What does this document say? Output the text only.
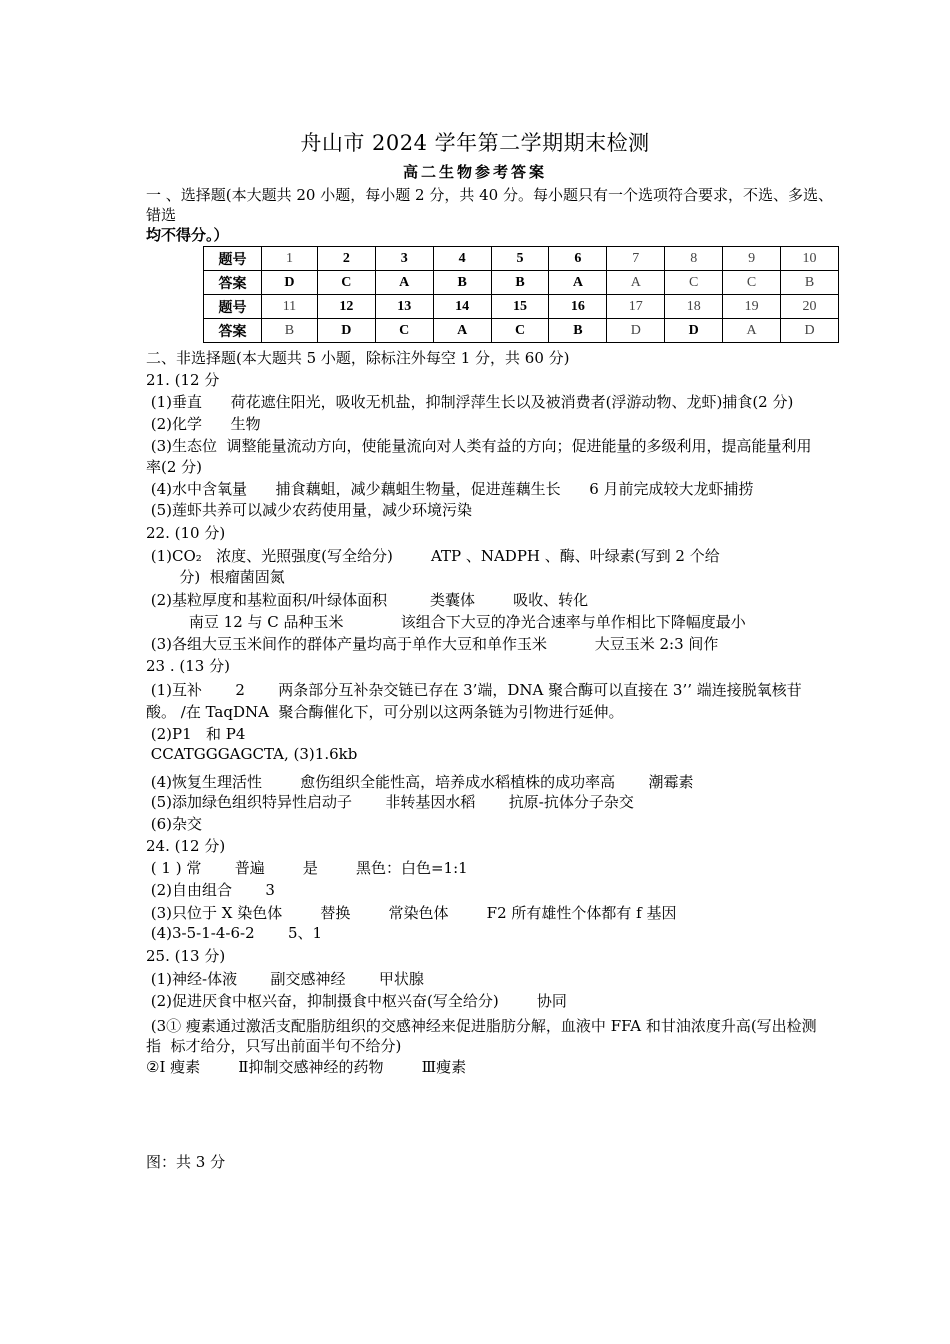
舟山市 2024 学年第二学期期末检测
高二生物参考答案
一 、选择题(本大题共 20 小题，每小题 2 分，共 40 分。每小题只有一个选项符合要求，不选、多选、
错选
均不得分。）
题号	1	2	3	4	5	6	7	8	9	10
答案	D	C	A	B	B	A	A	C	C	B
题号	11	12	13	14	15	16	17	18	19	20
答案	B	D	C	A	C	B	D	D	A	D
二、非选择题(本大题共 5 小题，除标注外每空 1 分，共 60 分)
21. (12 分
(1)垂直      荷花遮住阳光，吸收无机盐，抑制浮萍生长以及被消费者(浮游动物、龙虾)捕食(2 分)
(2)化学      生物
(3)生态位  调整能量流动方向，使能量流向对人类有益的方向；促进能量的多级利用，提高能量利用
率(2 分)
(4)水中含氧量      捕食藕蛆，减少藕蛆生物量，促进莲藕生长      6 月前完成较大龙虾捕捞
(5)莲虾共养可以减少农药使用量，减少环境污染
22. (10 分)
(1)CO₂   浓度、光照强度(写全给分)        ATP 、NADPH 、酶、叶绿素(写到 2 个给
分)  根瘤菌固氮
(2)基粒厚度和基粒面积/叶绿体面积         类囊体        吸收、转化
南豆 12 与 C 品种玉米            该组合下大豆的净光合速率与单作相比下降幅度最小
(3)各组大豆玉米间作的群体产量均高于单作大豆和单作玉米          大豆玉米 2:3 间作
23 . (13 分)
(1)互补       2       两条部分互补杂交链已存在 3’端，DNA 聚合酶可以直接在 3’’ 端连接脱氧核苷
酸。 /在 TaqDNA  聚合酶催化下，可分别以这两条链为引物进行延伸。
(2)P1   和 P4
CCATGGGAGCTA, (3)1.6kb
(4)恢复生理活性        愈伤组织全能性高，培养成水稻植株的成功率高       潮霉素
(5)添加绿色组织特异性启动子       非转基因水稻       抗原-抗体分子杂交
(6)杂交
24. (12 分)
( 1 ) 常       普遍        是        黑色：白色=1:1
(2)自由组合       3
(3)只位于 X 染色体        替换        常染色体        F2 所有雄性个体都有 f 基因
(4)3-5-1-4-6-2       5、1
25. (13 分)
(1)神经-体液       副交感神经       甲状腺
(2)促进厌食中枢兴奋，抑制摄食中枢兴奋(写全给分)        协同
(3① 瘦素通过激活支配脂肪组织的交感神经来促进脂肪分解，血液中 FFA 和甘油浓度升高(写出检测
指  标才给分，只写出前面半句不给分)
②I 瘦素        Ⅱ抑制交感神经的药物        Ⅲ瘦素
图：共 3 分
